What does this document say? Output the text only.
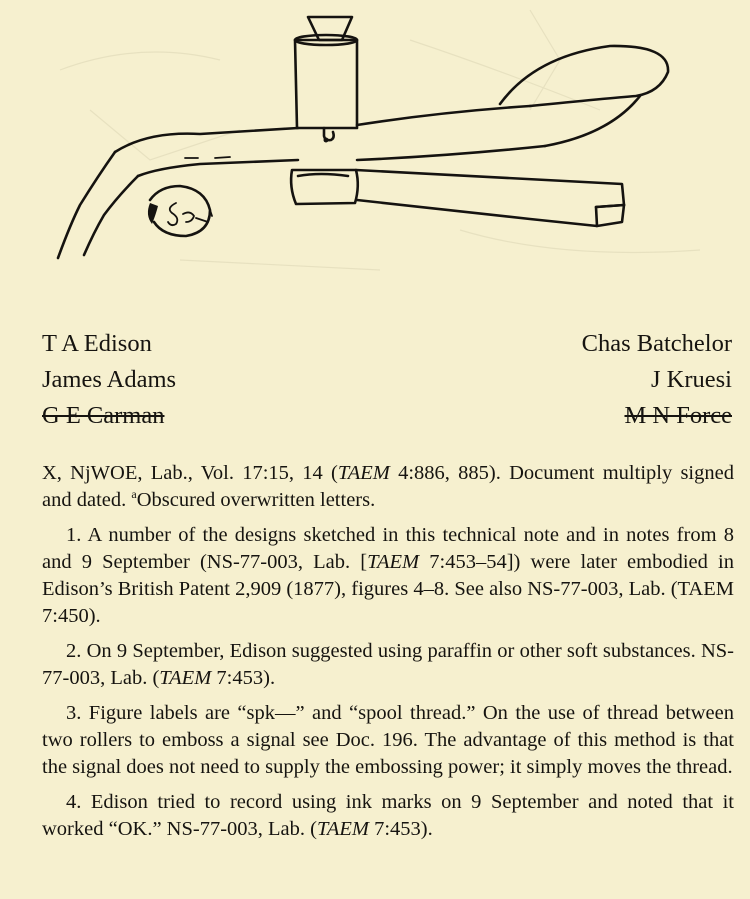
T A Edison
James Adams
G E Carman
Chas Batchelor
J Kruesi
M N Force

X, NjWOE, Lab., Vol. 17:15, 14 (TAEM 4:886, 885). Document multiply signed and dated. $^a$Obscured overwritten letters.

1. A number of the designs sketched in this technical note and in notes from 8 and 9 September (NS-77-003, Lab. [TAEM 7:453–54]) were later embodied in Edison’s British Patent 2,909 (1877), figures 4–8. See also NS-77-003, Lab. (TAEM 7:450).

2. On 9 September, Edison suggested using paraffin or other soft substances. NS-77-003, Lab. (TAEM 7:453).

3. Figure labels are “spk—” and “spool thread.” On the use of thread between two rollers to emboss a signal see Doc. 196. The advantage of this method is that the signal does not need to supply the embossing power; it simply moves the thread.

4. Edison tried to record using ink marks on 9 September and noted that it worked “OK.” NS-77-003, Lab. (TAEM 7:453).
